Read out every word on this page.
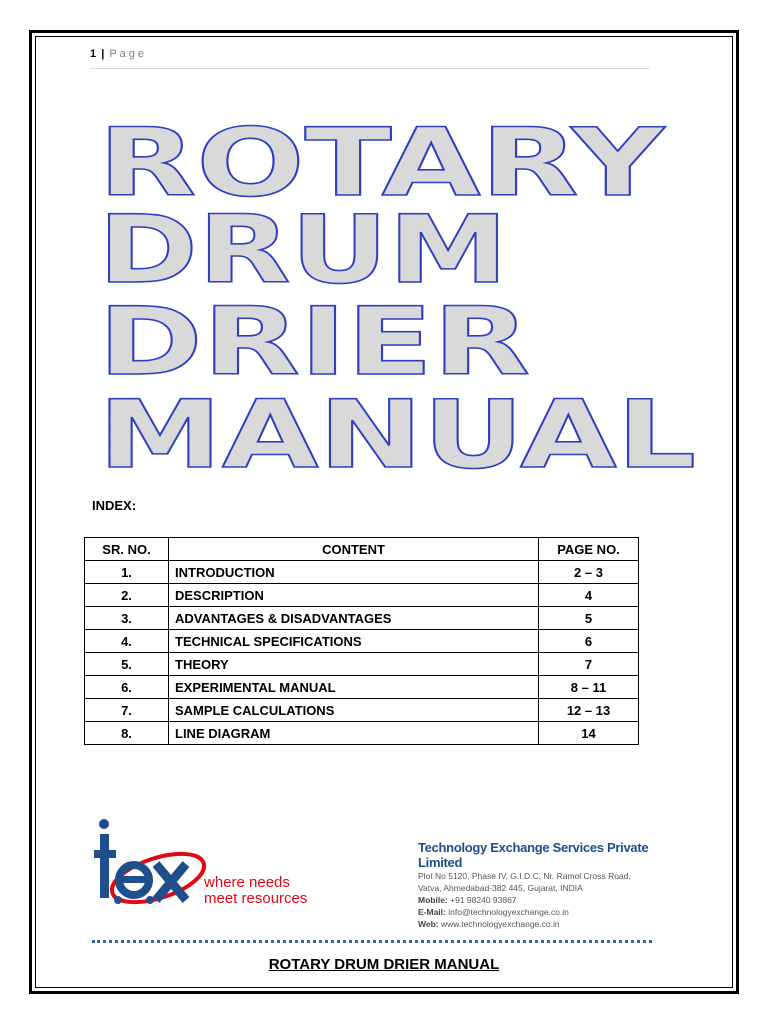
1 | Page
ROTARY
DRUM
DRIER
MANUAL
INDEX:
SR. NO.	CONTENT	PAGE NO.
1.	INTRODUCTION	2 – 3
2.	DESCRIPTION	4
3.	ADVANTAGES & DISADVANTAGES	5
4.	TECHNICAL SPECIFICATIONS	6
5.	THEORY	7
6.	EXPERIMENTAL MANUAL	8 – 11
7.	SAMPLE CALCULATIONS	12 – 13
8.	LINE DIAGRAM	14
where needs
meet resources
Technology Exchange Services Private Limited
Plot No 5120, Phase IV, G.I.D.C, Nr. Ramol Cross Road,
Vatva, Ahmedabad-382 445, Gujarat, INDIA
Mobile: +91 98240 93867
E-Mail: info@technologyexchange.co.in
Web: www.technologyexchange.co.in
ROTARY DRUM DRIER MANUAL
